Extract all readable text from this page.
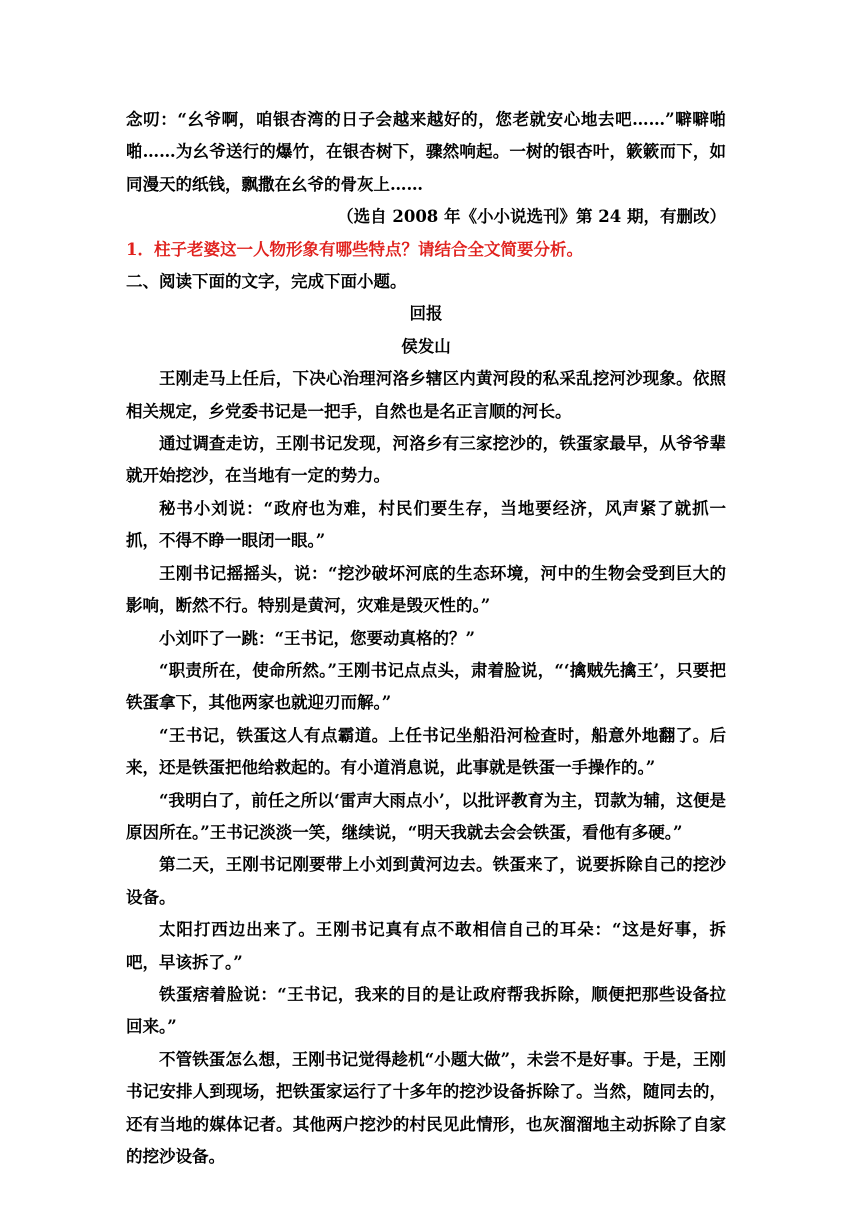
念叨：“幺爷啊，咱银杏湾的日子会越来越好的，您老就安心地去吧……”噼噼啪啪……为幺爷送行的爆竹，在银杏树下，骤然响起。一树的银杏叶，簌簌而下，如同漫天的纸钱，飘撒在幺爷的骨灰上……

（选自 2008 年《小小说选刊》第 24 期，有删改）

1．柱子老婆这一人物形象有哪些特点？请结合全文简要分析。

二、阅读下面的文字，完成下面小题。

回报

侯发山

王刚走马上任后，下决心治理河洛乡辖区内黄河段的私采乱挖河沙现象。依照相关规定，乡党委书记是一把手，自然也是名正言顺的河长。

通过调查走访，王刚书记发现，河洛乡有三家挖沙的，铁蛋家最早，从爷爷辈就开始挖沙，在当地有一定的势力。

秘书小刘说：“政府也为难，村民们要生存，当地要经济，风声紧了就抓一抓，不得不睁一眼闭一眼。”

王刚书记摇摇头，说：“挖沙破坏河底的生态环境，河中的生物会受到巨大的影响，断然不行。特别是黄河，灾难是毁灭性的。”

小刘吓了一跳：“王书记，您要动真格的？”

“职责所在，使命所然。”王刚书记点点头，肃着脸说，“‘擒贼先擒王’，只要把铁蛋拿下，其他两家也就迎刃而解。”

“王书记，铁蛋这人有点霸道。上任书记坐船沿河检查时，船意外地翻了。后来，还是铁蛋把他给救起的。有小道消息说，此事就是铁蛋一手操作的。”

“我明白了，前任之所以‘雷声大雨点小’，以批评教育为主，罚款为辅，这便是原因所在。”王书记淡淡一笑，继续说，“明天我就去会会铁蛋，看他有多硬。”

第二天，王刚书记刚要带上小刘到黄河边去。铁蛋来了，说要拆除自己的挖沙设备。

太阳打西边出来了。王刚书记真有点不敢相信自己的耳朵：“这是好事，拆吧，早该拆了。”

铁蛋痞着脸说：“王书记，我来的目的是让政府帮我拆除，顺便把那些设备拉回来。”

不管铁蛋怎么想，王刚书记觉得趁机“小题大做”，未尝不是好事。于是，王刚书记安排人到现场，把铁蛋家运行了十多年的挖沙设备拆除了。当然，随同去的，还有当地的媒体记者。其他两户挖沙的村民见此情形，也灰溜溜地主动拆除了自家的挖沙设备。
